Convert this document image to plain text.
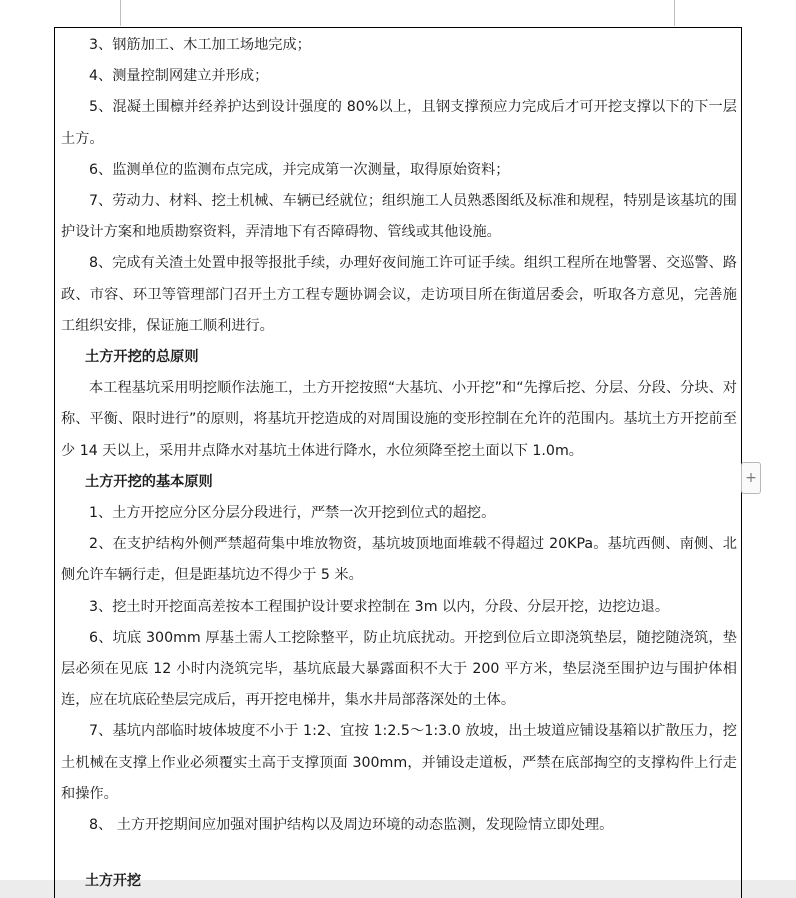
3、钢筋加工、木工加工场地完成；

4、测量控制网建立并形成；

5、混凝土围檩并经养护达到设计强度的 80%以上，且钢支撑预应力完成后才可开挖支撑以下的下一层土方。

6、监测单位的监测布点完成，并完成第一次测量，取得原始资料；

7、劳动力、材料、挖土机械、车辆已经就位；组织施工人员熟悉图纸及标准和规程，特别是该基坑的围护设计方案和地质勘察资料，弄清地下有否障碍物、管线或其他设施。

8、完成有关渣土处置申报等报批手续，办理好夜间施工许可证手续。组织工程所在地警署、交巡警、路政、市容、环卫等管理部门召开土方工程专题协调会议，走访项目所在街道居委会，听取各方意见，完善施工组织安排，保证施工顺利进行。

土方开挖的总原则

本工程基坑采用明挖顺作法施工，土方开挖按照“大基坑、小开挖”和“先撑后挖、分层、分段、分块、对称、平衡、限时进行”的原则，将基坑开挖造成的对周围设施的变形控制在允许的范围内。基坑土方开挖前至少 14 天以上，采用井点降水对基坑土体进行降水，水位须降至挖土面以下 1.0m。

土方开挖的基本原则

1、土方开挖应分区分层分段进行，严禁一次开挖到位式的超挖。

2、在支护结构外侧严禁超荷集中堆放物资，基坑坡顶地面堆载不得超过 20KPa。基坑西侧、南侧、北侧允许车辆行走，但是距基坑边不得少于 5 米。

3、挖土时开挖面高差按本工程围护设计要求控制在 3m 以内，分段、分层开挖，边挖边退。

6、坑底 300mm 厚基土需人工挖除整平，防止坑底扰动。开挖到位后立即浇筑垫层，随挖随浇筑，垫层必须在见底 12 小时内浇筑完毕，基坑底最大暴露面积不大于 200 平方米，垫层浇至围护边与围护体相连，应在坑底砼垫层完成后，再开挖电梯井，集水井局部落深处的土体。

7、基坑内部临时坡体坡度不小于 1:2、宜按 1:2.5～1:3.0 放坡，出土坡道应铺设基箱以扩散压力，挖土机械在支撑上作业必须覆实土高于支撑顶面 300mm，并铺设走道板，严禁在底部掏空的支撑构件上行走和操作。

8、 土方开挖期间应加强对围护结构以及周边环境的动态监测，发现险情立即处理。

土方开挖
+
